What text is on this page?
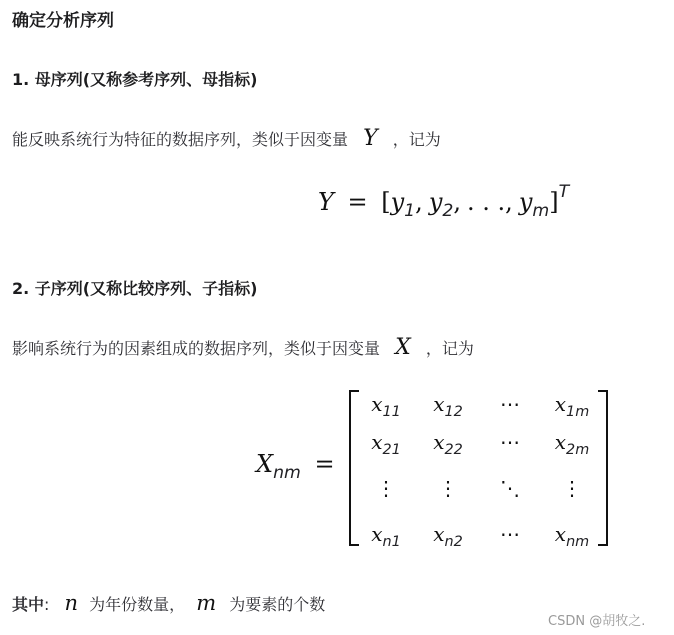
确定分析序列
1. 母序列(又称参考序列、母指标)
能反映系统行为特征的数据序列，类似于因变量 Y ，记为
$Y = [y_1$, $y_2$, . . ., $y_m]^T$
2. 子序列(又称比较序列、子指标)
影响系统行为的因素组成的数据序列，类似于因变量 X ，记为
$X_{nm}$ =
$x_{11}$	$x_{12}$	⋯	$x_{1m}$
$x_{21}$	$x_{22}$	⋯	$x_{2m}$
⋮	⋮	⋱	⋮
$x_{n1}$	$x_{n2}$	⋯	$x_{nm}$
其中: n 为年份数量， m 为要素的个数
CSDN @胡牧之.
